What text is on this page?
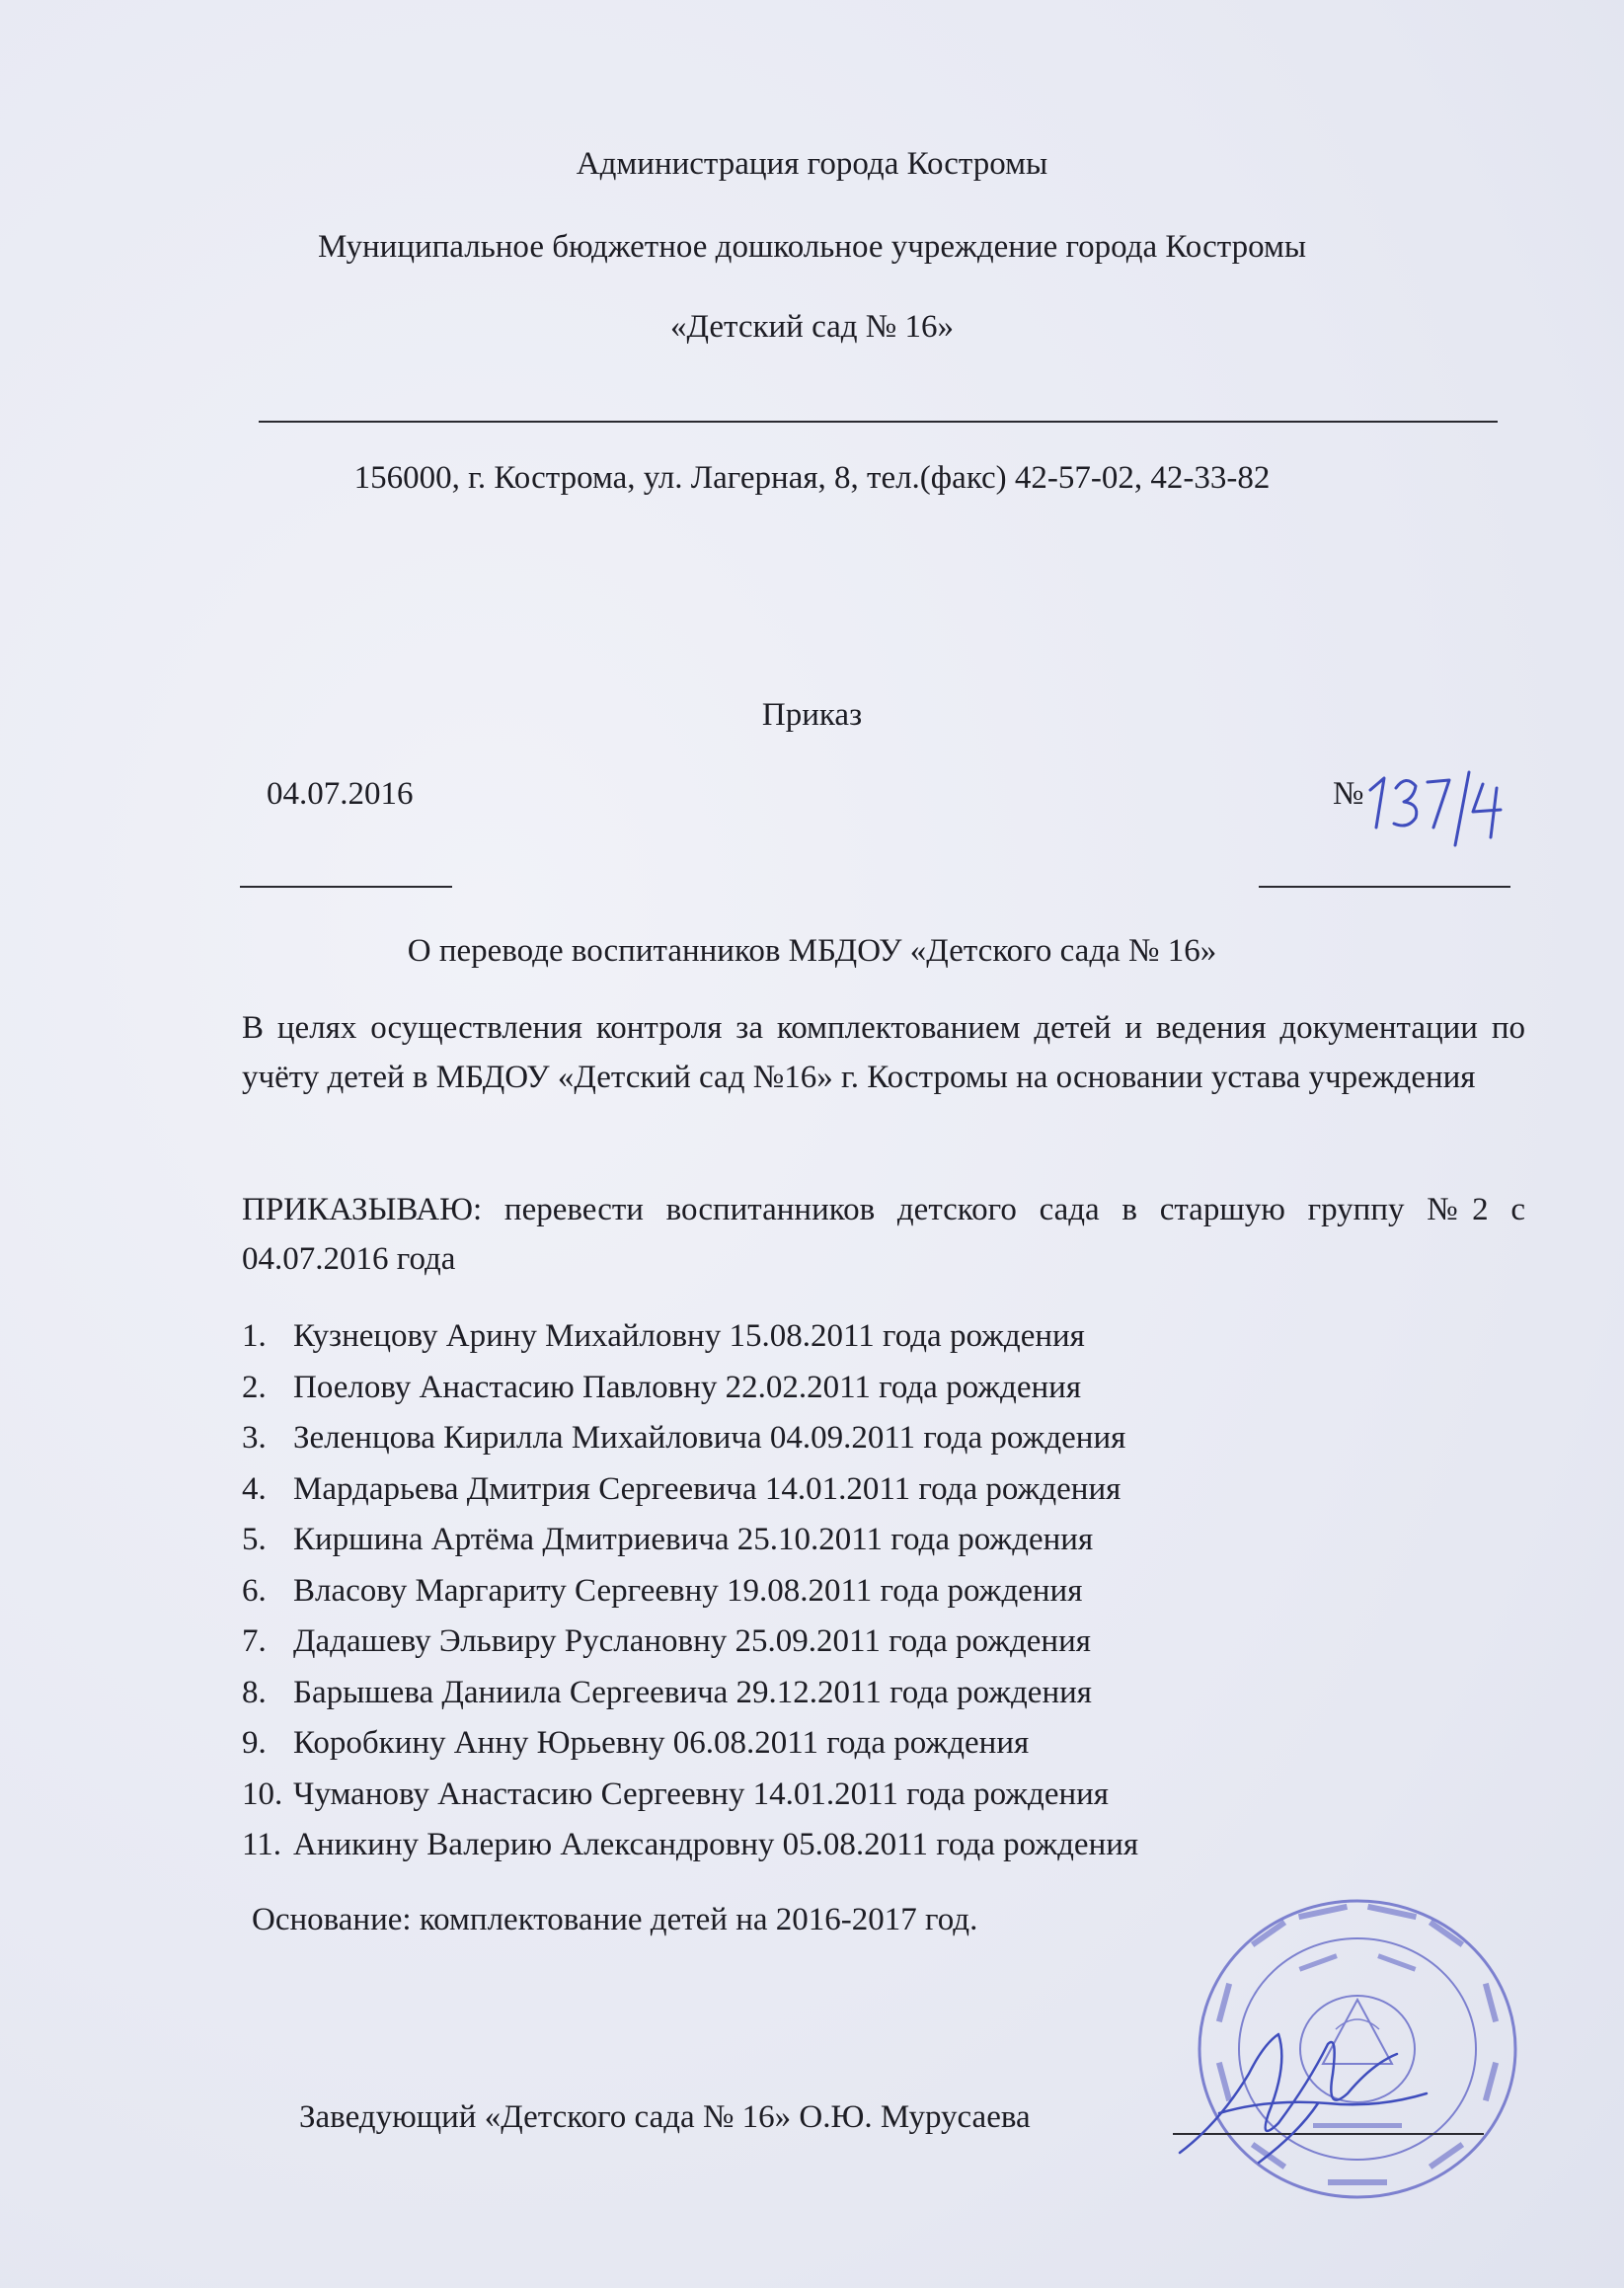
Администрация города Костромы
Муниципальное бюджетное дошкольное учреждение города Костромы
«Детский сад № 16»
156000, г. Кострома, ул. Лагерная, 8, тел.(факс) 42-57-02, 42-33-82
Приказ
04.07.2016	№
О переводе воспитанников МБДОУ «Детского сада № 16»
В целях осуществления контроля за комплектованием детей и ведения документации по учёту детей в МБДОУ «Детский сад №16» г. Костромы на основании устава учреждения
ПРИКАЗЫВАЮ: перевести воспитанников детского сада в старшую группу №2 с 04.07.2016 года
1. Кузнецову Арину Михайловну 15.08.2011 года рождения
2. Поелову Анастасию Павловну 22.02.2011 года рождения
3. Зеленцова Кирилла Михайловича 04.09.2011 года рождения
4. Мардарьева Дмитрия Сергеевича 14.01.2011 года рождения
5. Киршина Артёма Дмитриевича 25.10.2011 года рождения
6. Власову Маргариту Сергеевну 19.08.2011 года рождения
7. Дадашеву Эльвиру Руслановну 25.09.2011 года рождения
8. Барышева Даниила Сергеевича 29.12.2011 года рождения
9. Коробкину Анну Юрьевну 06.08.2011 года рождения
10. Чуманову Анастасию Сергеевну 14.01.2011 года рождения
11. Аникину Валерию Александровну 05.08.2011 года рождения
Основание: комплектование детей на 2016-2017 год.
Заведующий «Детского сада № 16» О.Ю. Мурусаева
